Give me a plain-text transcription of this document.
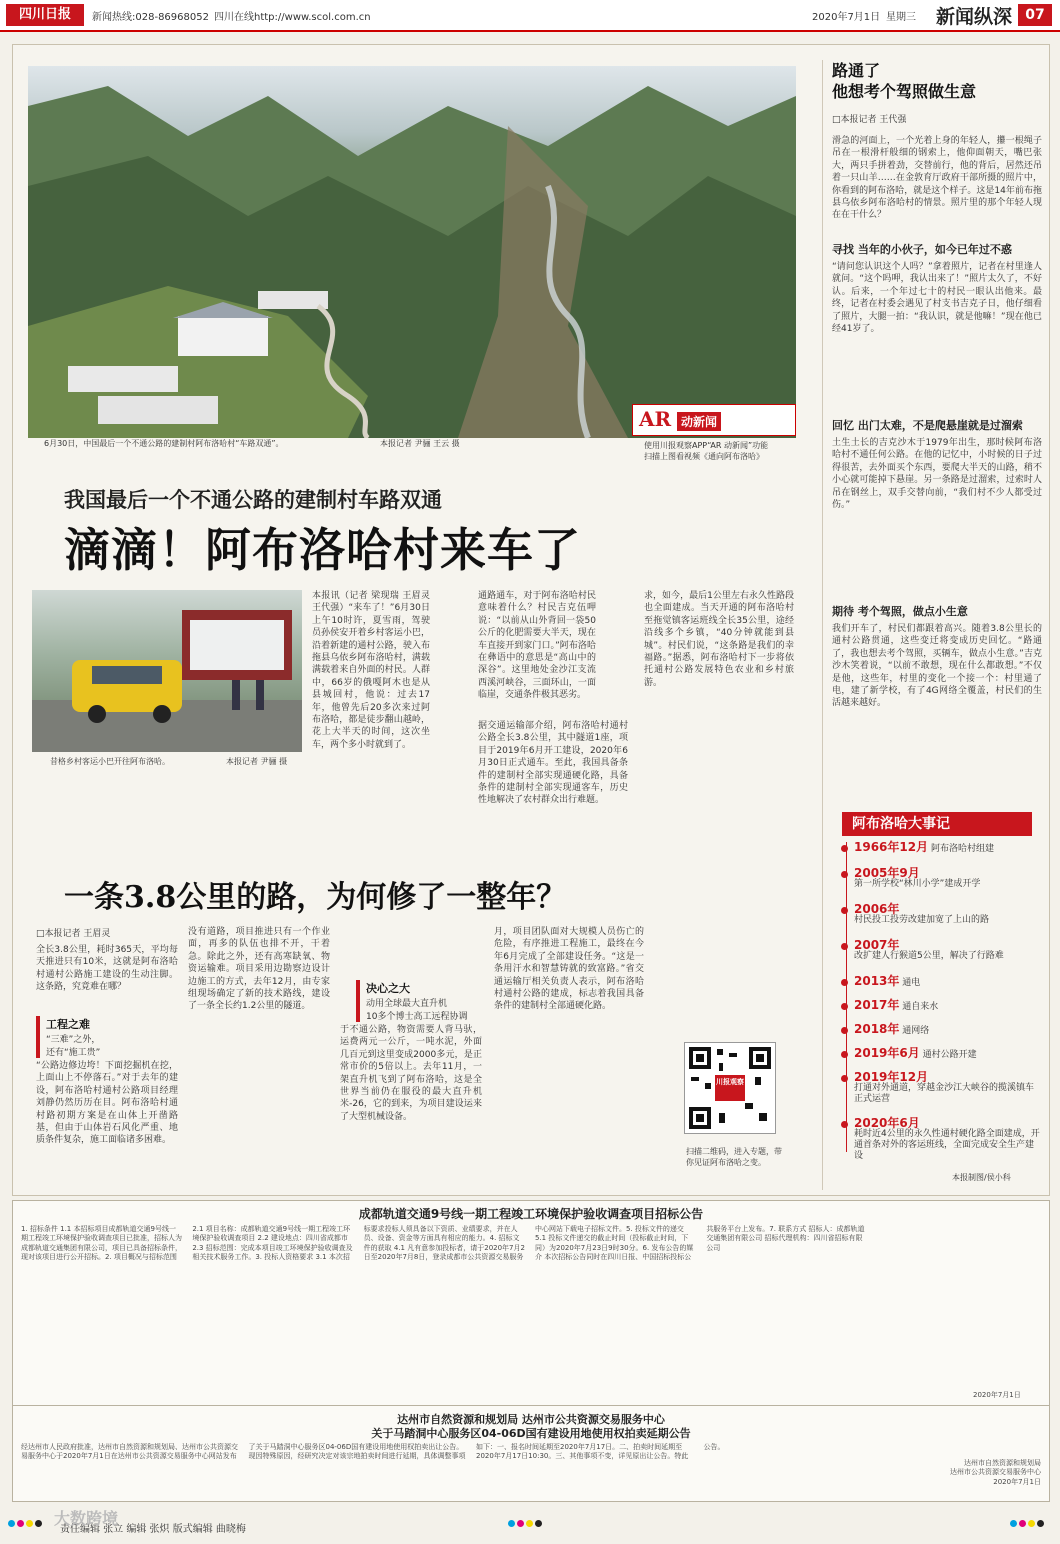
四川日报	新闻热线:028-86968052 四川在线http://www.scol.com.cn	2020年7月1日 星期三 新闻纵深 07
6月30日，中国最后一个不通公路的建制村阿布洛哈村“车路双通”。	本报记者 尹骊 王云 摄
AR 动新闻
使用川报观察APP“AR 动新闻”功能
扫描上图看视频《通向阿布洛哈》
我国最后一个不通公路的建制村车路双通
滴滴！阿布洛哈村来车了
昔格乡村客运小巴开往阿布洛哈。	本报记者 尹骊 摄
本报讯（记者 梁现瑞 王眉灵 王代强）“来车了！”6月30日上午10时许，夏雪雨，驾驶员孙侯安开着乡村客运小巴，沿着新建的通村公路，驶入布拖县乌依乡阿布洛哈村，满载满载着来自外面的村民。人群中，66岁的俄嘎阿木也是从县城回村，他说：过去17年，他曾先后20多次来过阿布洛哈，都是徒步翻山越岭，花上大半天的时间，这次坐车，两个多小时就到了。
通路通车，对于阿布洛哈村民意味着什么？村民吉克伍呷说：“以前从山外背回一袋50公斤的化肥需要大半天，现在车直接开到家门口。”阿布洛哈在彝语中的意思是“高山中的深谷”。这里地处金沙江支流西溪河峡谷，三面环山，一面临崖，交通条件极其恶劣。
求，如今，最后1公里左右永久性路段也全面建成。当天开通的阿布洛哈村至拖觉镇客运班线全长35公里，途经沿线多个乡镇，“40分钟就能到县城”。村民们说，“这条路是我们的幸福路。”据悉，阿布洛哈村下一步将依托通村公路发展特色农业和乡村旅游。
据交通运输部介绍，阿布洛哈村通村公路全长3.8公里，其中隧道1座，项目于2019年6月开工建设，2020年6月30日正式通车。至此，我国具备条件的建制村全部实现通硬化路，具备条件的建制村全部实现通客车，历史性地解决了农村群众出行难题。
一条3.8公里的路，为何修了一整年？
□本报记者 王眉灵
全长3.8公里，耗时365天，平均每天推进只有10米，这就是阿布洛哈村通村公路施工建设的生动注脚。这条路，究竟难在哪？
工程之难
“三难”之外，
还有“施工贵”
“公路边修边垮！下面挖掘机在挖，上面山上不停落石。”对于去年的建设，阿布洛哈村通村公路项目经理刘静仍然历历在目。阿布洛哈村通村路初期方案是在山体上开凿路基，但由于山体岩石风化严重、地质条件复杂，施工面临诸多困难。
没有道路，项目推进只有一个作业面，再多的队伍也排不开，干着急。除此之外，还有高寒缺氧、物资运输难。项目采用边勘察边设计边施工的方式，去年12月，由专家组现场确定了新的技术路线，建设了一条全长约1.2公里的隧道。
决心之大
动用全球最大直升机
10多个博士高工远程协调
于不通公路，物资需要人背马驮，运费两元一公斤，一吨水泥，外面几百元到这里变成2000多元，是正常市价的5倍以上。去年11月，一架直升机飞到了阿布洛哈，这是全世界当前仍在服役的最大直升机米-26，它的到来，为项目建设运来了大型机械设备。
月，项目团队面对大规模人员伤亡的危险，有序推进工程施工，最终在今年6月完成了全部建设任务。“这是一条用汗水和智慧铸就的致富路。”省交通运输厅相关负责人表示，阿布洛哈村通村公路的建成，标志着我国具备条件的建制村全部通硬化路。
川报观察
扫描二维码，进入专题，带你见证阿布洛哈之变。
路通了
他想考个驾照做生意
□本报记者 王代强
滑急的河面上，一个光着上身的年轻人，攥一根绳子吊在一根滑杆般细的钢索上，他仰面朝天，嘴巴张大，两只手拼着劲，交替前行，他的背后，居然还吊着一只山羊……在金敦育厅政府干部所摄的照片中，你看到的阿布洛哈，就是这个样子。这是14年前布拖县乌依乡阿布洛哈村的情景。照片里的那个年轻人现在在干什么？
寻找 当年的小伙子，如今已年过不惑
“请问您认识这个人吗？”拿着照片，记者在村里逢人就问。“这个吗呷，我认出来了！”照片太久了，不好认。后来，一个年过七十的村民一眼认出他来。最终，记者在村委会遇见了村支书吉克子日，他仔细看了照片，大腿一拍：“我认识，就是他嘛！”现在他已经41岁了。
回忆 出门太难，不是爬悬崖就是过溜索
土生土长的吉克沙木于1979年出生，那时候阿布洛哈村不通任何公路。在他的记忆中，小时候的日子过得很苦，去外面买个东西，要爬大半天的山路，稍不小心就可能掉下悬崖。另一条路是过溜索，过索时人吊在钢丝上，双手交替向前，“我们村不少人都受过伤。”
期待 考个驾照，做点小生意
我们开车了，村民们都跟着高兴。随着3.8公里长的通村公路贯通，这些变迁将变成历史回忆。“路通了，我也想去考个驾照，买辆车，做点小生意。”吉克沙木笑着说，“以前不敢想，现在什么都敢想。”不仅是他，这些年，村里的变化一个接一个：村里通了电，建了新学校，有了4G网络全覆盖，村民们的生活越来越好。
阿布洛哈大事记
1966年12月 阿布洛哈村组建
2005年9月
第一所学校“林川小学”建成开学
2006年
村民投工投劳改建加宽了上山的路
2007年
改扩建人行猴道5公里，解决了行路难
2013年 通电
2017年 通自来水
2018年 通网络
2019年6月 通村公路开建
2019年12月
打通对外通道，穿越金沙江大峡谷的揽溪镇车正式运营
2020年6月
耗时近4公里的永久性通村硬化路全面建成，开通首条对外的客运班线，全面完成安全生产建设
本报制图/侯小科
成都轨道交通9号线一期工程竣工环境保护验收调查项目招标公告
1. 招标条件 1.1 本招标项目成都轨道交通9号线一期工程竣工环境保护验收调查项目已批准，招标人为成都轨道交通集团有限公司，项目已具备招标条件，现对该项目进行公开招标。2. 项目概况与招标范围 2.1 项目名称：成都轨道交通9号线一期工程竣工环境保护验收调查项目 2.2 建设地点：四川省成都市 2.3 招标范围：完成本项目竣工环境保护验收调查及相关技术服务工作。3. 投标人资格要求 3.1 本次招标要求投标人须具备以下资质、业绩要求，并在人员、设备、资金等方面具有相应的能力。4. 招标文件的获取 4.1 凡有意参加投标者，请于2020年7月2日至2020年7月8日，登录成都市公共资源交易服务中心网站下载电子招标文件。5. 投标文件的递交 5.1 投标文件递交的截止时间（投标截止时间，下同）为2020年7月23日9时30分。6. 发布公告的媒介 本次招标公告同时在四川日报、中国招标投标公共服务平台上发布。7. 联系方式 招标人：成都轨道交通集团有限公司 招标代理机构：四川省招标有限公司
2020年7月1日
达州市自然资源和规划局 达州市公共资源交易服务中心
关于马踏洞中心服务区04-06D国有建设用地使用权拍卖延期公告
经达州市人民政府批准，达州市自然资源和规划局、达州市公共资源交易服务中心于2020年7月1日在达州市公共资源交易服务中心网站发布了关于马踏洞中心服务区04-06D国有建设用地使用权拍卖出让公告。现因特殊原因，经研究决定对该宗地拍卖时间进行延期，具体调整事项如下：一、报名时间延期至2020年7月17日。二、拍卖时间延期至2020年7月17日10:30。三、其他事项不变，详见原出让公告。特此公告。
达州市自然资源和规划局
达州市公共资源交易服务中心
2020年7月1日
责任编辑 张立 编辑 张炽 版式编辑 曲晓梅
大数跨境
